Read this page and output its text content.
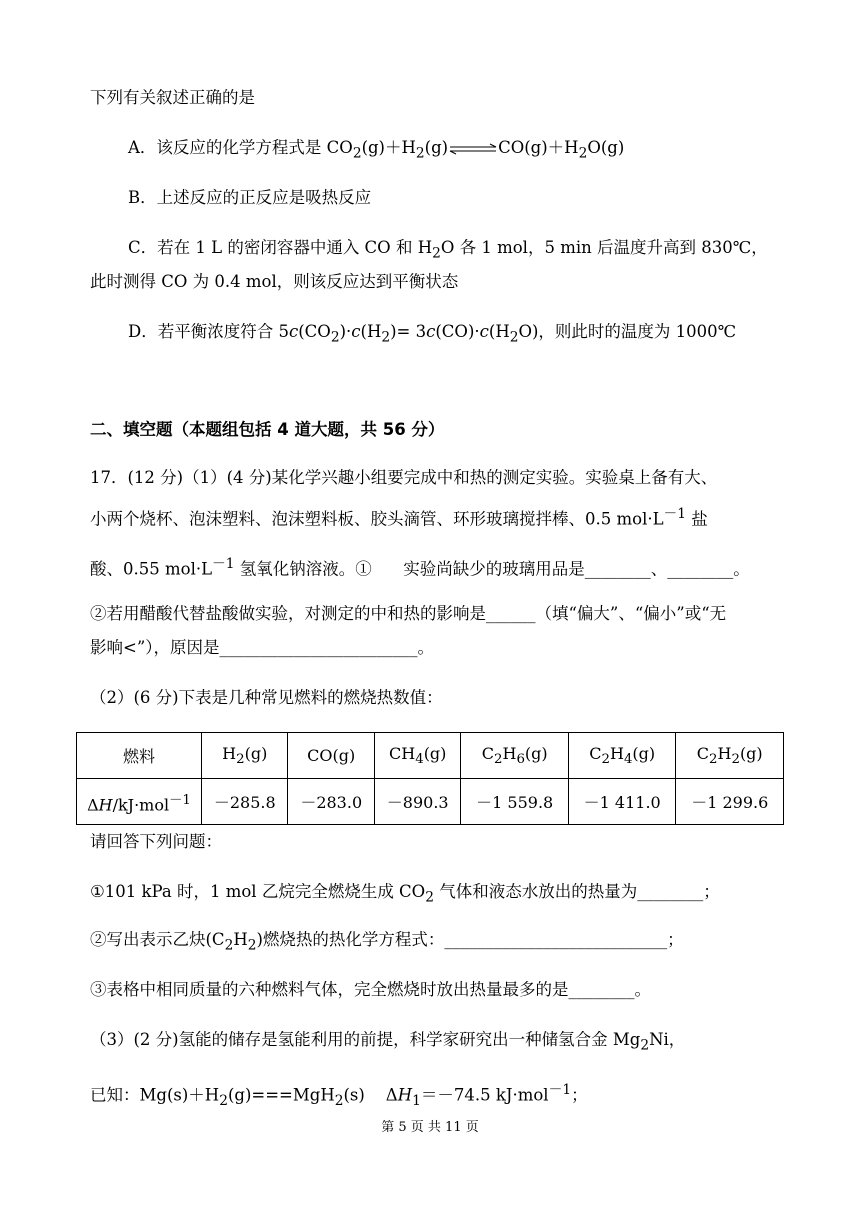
下列有关叙述正确的是
A．该反应的化学方程式是 $CO_2(g)+H_2(g)\rightleftharpoons CO(g)+H_2O(g)$
B．上述反应的正反应是吸热反应
C．若在 1 L 的密闭容器中通入 CO 和 $H_2O$ 各 1 mol，5 min 后温度升高到 830℃，
此时测得 CO 为 0.4 mol，则该反应达到平衡状态
D．若平衡浓度符合 $5c(CO_2)\cdot c(H_2)= 3c(CO)\cdot c(H_2O)$，则此时的温度为 1000℃
二、填空题（本题组包括 4 道大题，共 56 分）
17．(12 分)（1）(4 分)某化学兴趣小组要完成中和热的测定实验。实验桌上备有大、
小两个烧杯、泡沫塑料、泡沫塑料板、胶头滴管、环形玻璃搅拌棒、0.5 $mol\cdot L^{-1}$ 盐
酸、0.55 $mol\cdot L^{-1}$ 氢氧化钠溶液。①      实验尚缺少的玻璃用品是________、________。
②若用醋酸代替盐酸做实验，对测定的中和热的影响是______（填“偏大”、“偏小”或“无
影响<”），原因是________________________。
（2）(6 分)下表是几种常见燃料的燃烧热数值：
燃料	$H_2(g)$	CO(g)	$CH_4(g)$	$C_2H_6(g)$	$C_2H_4(g)$	$C_2H_2(g)$
ΔH/kJ·mol$^{-1}$	－285.8	－283.0	－890.3	－1 559.8	－1 411.0	－1 299.6
请回答下列问题：
①101 kPa 时，1 mol 乙烷完全燃烧生成 $CO_2$ 气体和液态水放出的热量为________；
②写出表示乙炔$(C_2H_2)$燃烧热的热化学方程式：___________________________；
③表格中相同质量的六种燃料气体，完全燃烧时放出热量最多的是________。
（3）(2 分)氢能的储存是氢能利用的前提，科学家研究出一种储氢合金 $Mg_2Ni$，
已知：$Mg(s)+H_2(g)===MgH_2(s)$    $\Delta H_1=-74.5$ kJ·mol$^{-1}$；
第 5 页 共 11 页
